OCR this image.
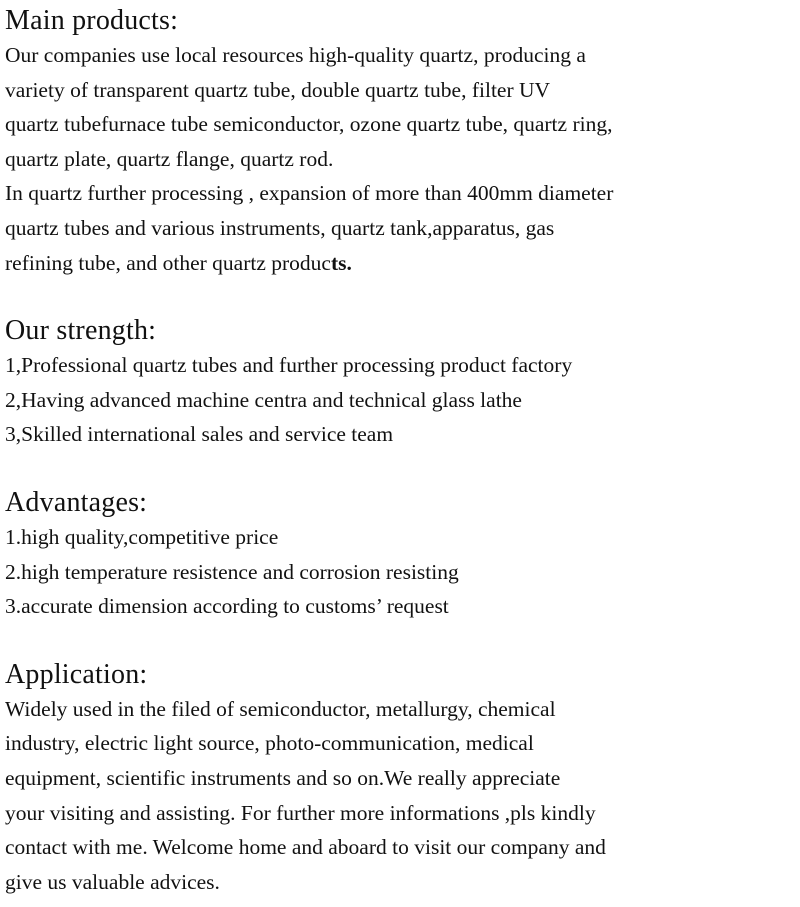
Main products:

Our companies use local resources high-quality quartz, producing a
variety of transparent quartz tube, double quartz tube, filter UV
quartz tubefurnace tube semiconductor, ozone quartz tube, quartz ring,
quartz plate, quartz flange, quartz rod.
In quartz further processing , expansion of more than 400mm diameter
quartz tubes and various instruments, quartz tank,apparatus, gas
refining tube, and other quartz products.

Our strength:

1,Professional quartz tubes and further processing product factory
2,Having advanced machine centra and technical glass lathe
3,Skilled international sales and service team

Advantages:

1.high quality,competitive price
2.high temperature resistence and corrosion resisting
3.accurate dimension according to customs’ request

Application:

Widely used in the filed of semiconductor, metallurgy, chemical
industry, electric light source, photo-communication, medical
equipment, scientific instruments and so on.We really appreciate
your visiting and assisting. For further more informations ,pls kindly
contact with me. Welcome home and aboard to visit our company and
give us valuable advices.
